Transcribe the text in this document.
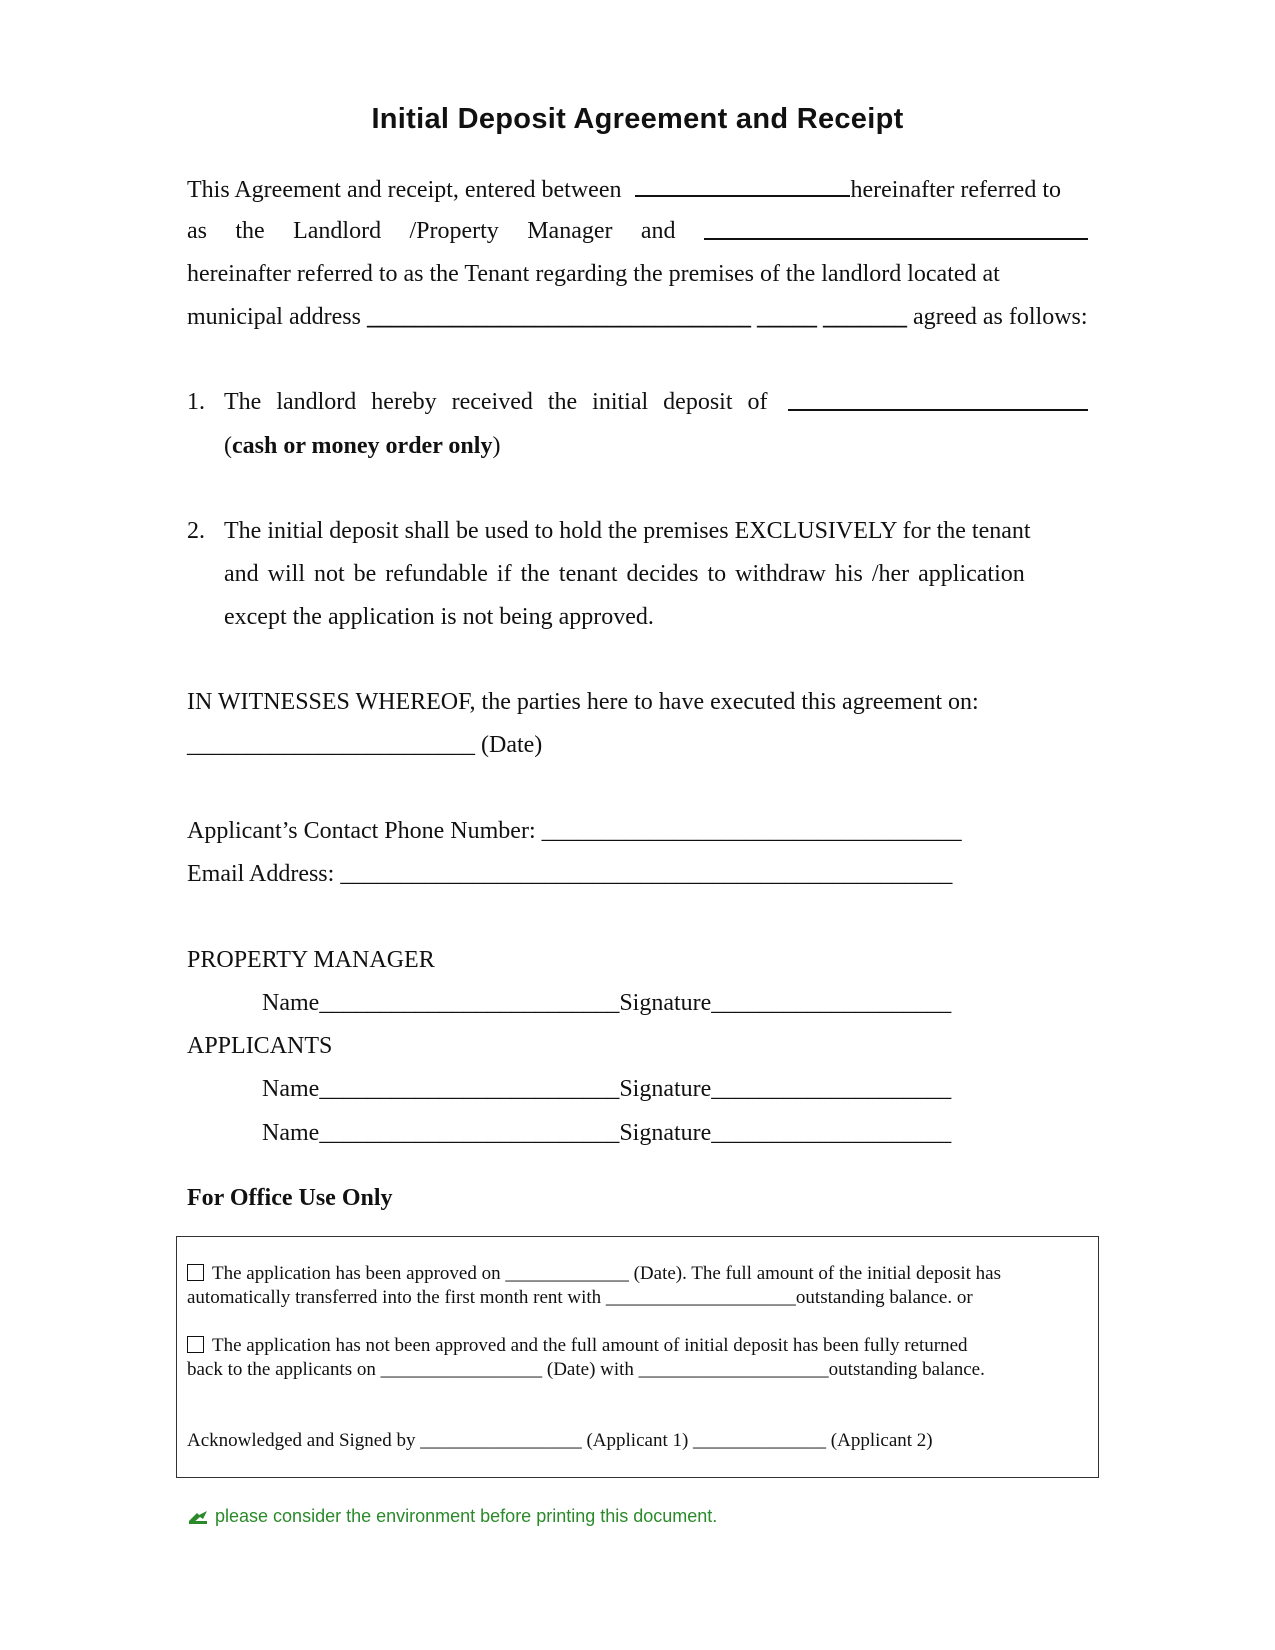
Initial Deposit Agreement and Receipt
This Agreement and receipt, entered between	hereinafter referred to
as the Landlord /Property Manager and
hereinafter referred to as the Tenant regarding the premises of the landlord located at
municipal address ________________________________ _____ _______ agreed as follows:
1. The landlord hereby received the initial deposit of
(cash or money order only)
2. The initial deposit shall be used to hold the premises EXCLUSIVELY for the tenant
and will not be refundable if the tenant decides to withdraw his /her application
except the application is not being approved.
IN WITNESSES WHEREOF, the parties here to have executed this agreement on:
________________________ (Date)
Applicant’s Contact Phone Number: ___________________________________
Email Address: ___________________________________________________
PROPERTY MANAGER
Name_________________________Signature____________________
APPLICANTS
Name_________________________Signature____________________
Name_________________________Signature____________________
For Office Use Only
The application has been approved on _____________ (Date). The full amount of the initial deposit has
automatically transferred into the first month rent with ____________________outstanding balance. or
The application has not been approved and the full amount of initial deposit has been fully returned
back to the applicants on _________________ (Date) with ____________________outstanding balance.
Acknowledged and Signed by _________________ (Applicant 1) ______________ (Applicant 2)
please consider the environment before printing this document.
